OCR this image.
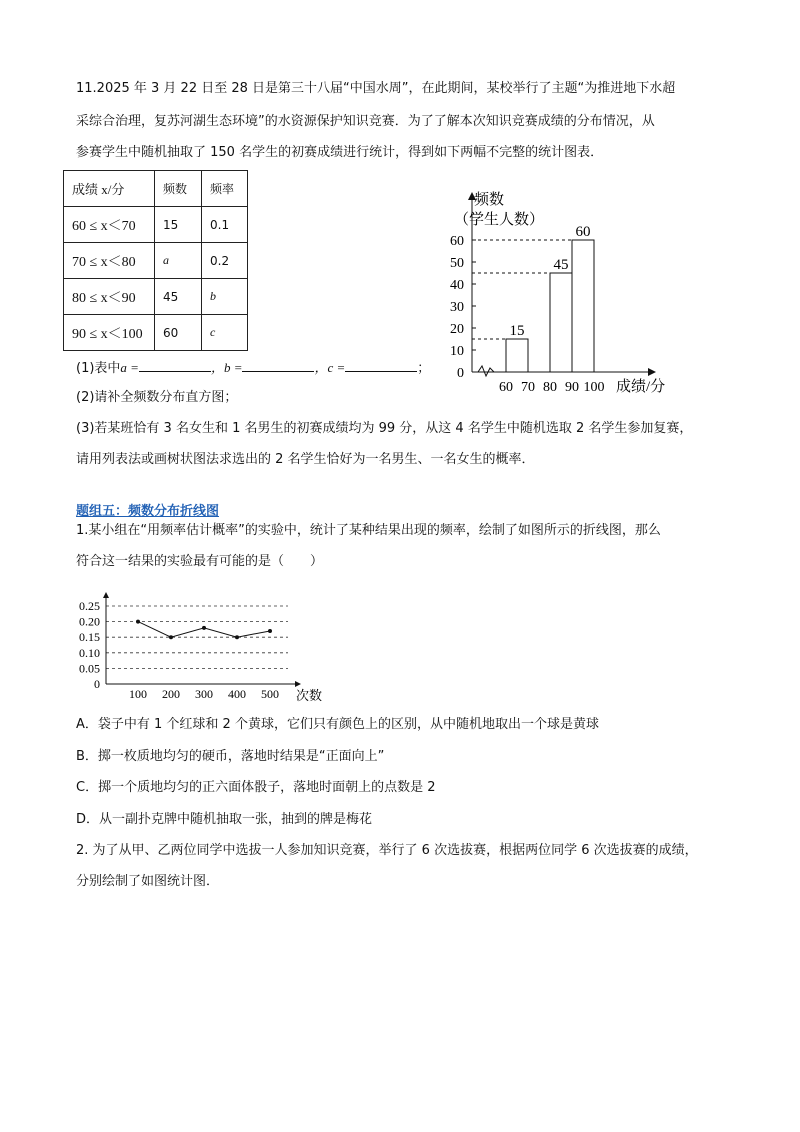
11.2025 年 3 月 22 日至 28 日是第三十八届“中国水周”，在此期间，某校举行了主题“为推进地下水超
采综合治理，复苏河湖生态环境”的水资源保护知识竞赛．为了了解本次知识竞赛成绩的分布情况，从
参赛学生中随机抽取了 150 名学生的初赛成绩进行统计，得到如下两幅不完整的统计图表．
成绩 x/分	频数	频率
60 ≤ x＜70	15	0.1
70 ≤ x＜80	a	0.2
80 ≤ x＜90	45	b
90 ≤ x＜100	60	c
0
10
20
30
40
50
60
15
45
60
60 70 80 90 100 成绩/分
频数
（学生人数）
(1)表中a =	，b =	，c =	；
(2)请补全频数分布直方图；
(3)若某班恰有 3 名女生和 1 名男生的初赛成绩均为 99 分，从这 4 名学生中随机选取 2 名学生参加复赛，
请用列表法或画树状图法求选出的 2 名学生恰好为一名男生、一名女生的概率．
题组五：频数分布折线图
1.某小组在“用频率估计概率”的实验中，统计了某种结果出现的频率，绘制了如图所示的折线图，那么
符合这一结果的实验最有可能的是（　　）
0
0.05
0.10
0.15
0.20
0.25
100 200 300 400 500 次数
A．袋子中有 1 个红球和 2 个黄球，它们只有颜色上的区别，从中随机地取出一个球是黄球
B．掷一枚质地均匀的硬币，落地时结果是“正面向上”
C．掷一个质地均匀的正六面体骰子，落地时面朝上的点数是 2
D．从一副扑克牌中随机抽取一张，抽到的牌是梅花
2. 为了从甲、乙两位同学中选拔一人参加知识竞赛，举行了 6 次选拔赛，根据两位同学 6 次选拔赛的成绩，
分别绘制了如图统计图．
